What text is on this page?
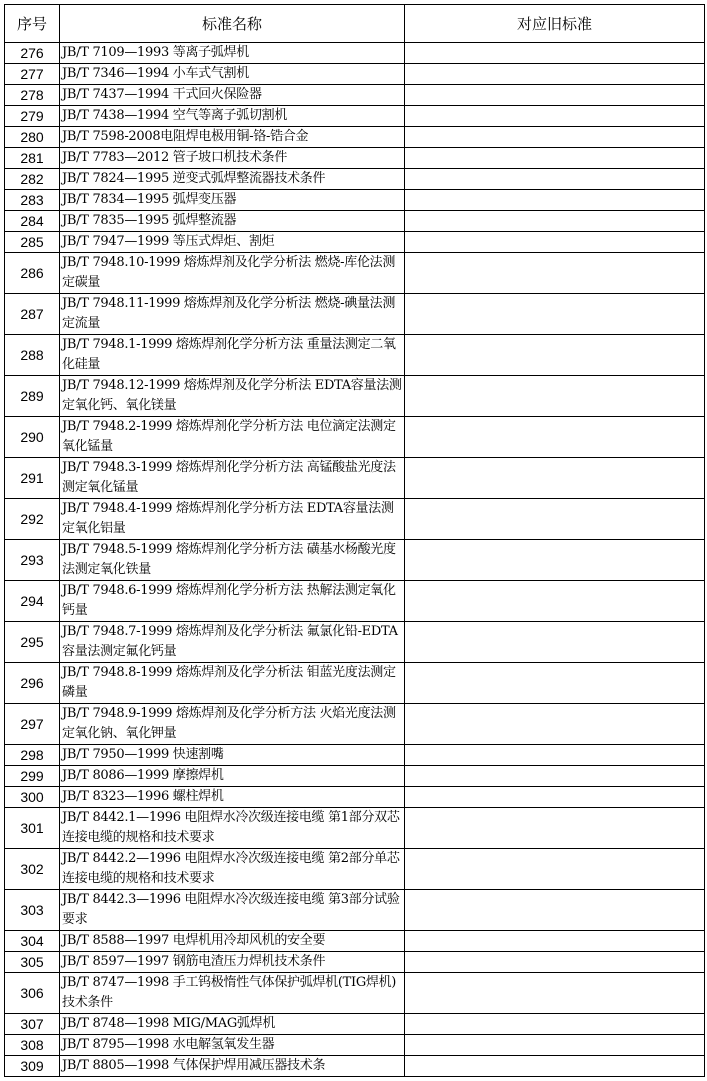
序号	标准名称	对应旧标准
276	JB/T 7109—1993 等离子弧焊机	
277	JB/T 7346—1994 小车式气割机	
278	JB/T 7437—1994 干式回火保险器	
279	JB/T 7438—1994 空气等离子弧切割机	
280	JB/T 7598-2008电阻焊电极用铜-铬-锆合金	
281	JB/T 7783—2012 管子坡口机技术条件	
282	JB/T 7824—1995 逆变式弧焊整流器技术条件	
283	JB/T 7834—1995 弧焊变压器	
284	JB/T 7835—1995 弧焊整流器	
285	JB/T 7947—1999 等压式焊炬、割炬	
286	JB/T 7948.10-1999 熔炼焊剂及化学分析法 燃烧-库伦法测定碳量	
287	JB/T 7948.11-1999 熔炼焊剂及化学分析法 燃烧-碘量法测定流量	
288	JB/T 7948.1-1999 熔炼焊剂化学分析方法 重量法测定二氧化硅量	
289	JB/T 7948.12-1999 熔炼焊剂及化学分析法 EDTA容量法测定氧化钙、氧化镁量	
290	JB/T 7948.2-1999 熔炼焊剂化学分析方法 电位滴定法测定氧化锰量	
291	JB/T 7948.3-1999 熔炼焊剂化学分析方法 高锰酸盐光度法测定氧化锰量	
292	JB/T 7948.4-1999 熔炼焊剂化学分析方法 EDTA容量法测定氧化铝量	
293	JB/T 7948.5-1999 熔炼焊剂化学分析方法 磺基水杨酸光度法测定氧化铁量	
294	JB/T 7948.6-1999 熔炼焊剂化学分析方法 热解法测定氧化钙量	
295	JB/T 7948.7-1999 熔炼焊剂及化学分析法 氟氯化铅-EDTA容量法测定氟化钙量	
296	JB/T 7948.8-1999 熔炼焊剂及化学分析法 钼蓝光度法测定磷量	
297	JB/T 7948.9-1999 熔炼焊剂及化学分析方法 火焰光度法测定氧化钠、氧化钾量	
298	JB/T 7950—1999 快速割嘴	
299	JB/T 8086—1999 摩擦焊机	
300	JB/T 8323—1996 螺柱焊机	
301	JB/T 8442.1—1996 电阻焊水冷次级连接电缆 第1部分双芯连接电缆的规格和技术要求	
302	JB/T 8442.2—1996 电阻焊水冷次级连接电缆 第2部分单芯连接电缆的规格和技术要求	
303	JB/T 8442.3—1996 电阻焊水冷次级连接电缆 第3部分试验要求	
304	JB/T 8588—1997 电焊机用冷却风机的安全要	
305	JB/T 8597—1997 钢筋电渣压力焊机技术条件	
306	JB/T 8747—1998 手工钨极惰性气体保护弧焊机(TIG焊机)技术条件	
307	JB/T 8748—1998 MIG/MAG弧焊机	
308	JB/T 8795—1998 水电解氢氧发生器	
309	JB/T 8805—1998 气体保护焊用减压器技术条	
